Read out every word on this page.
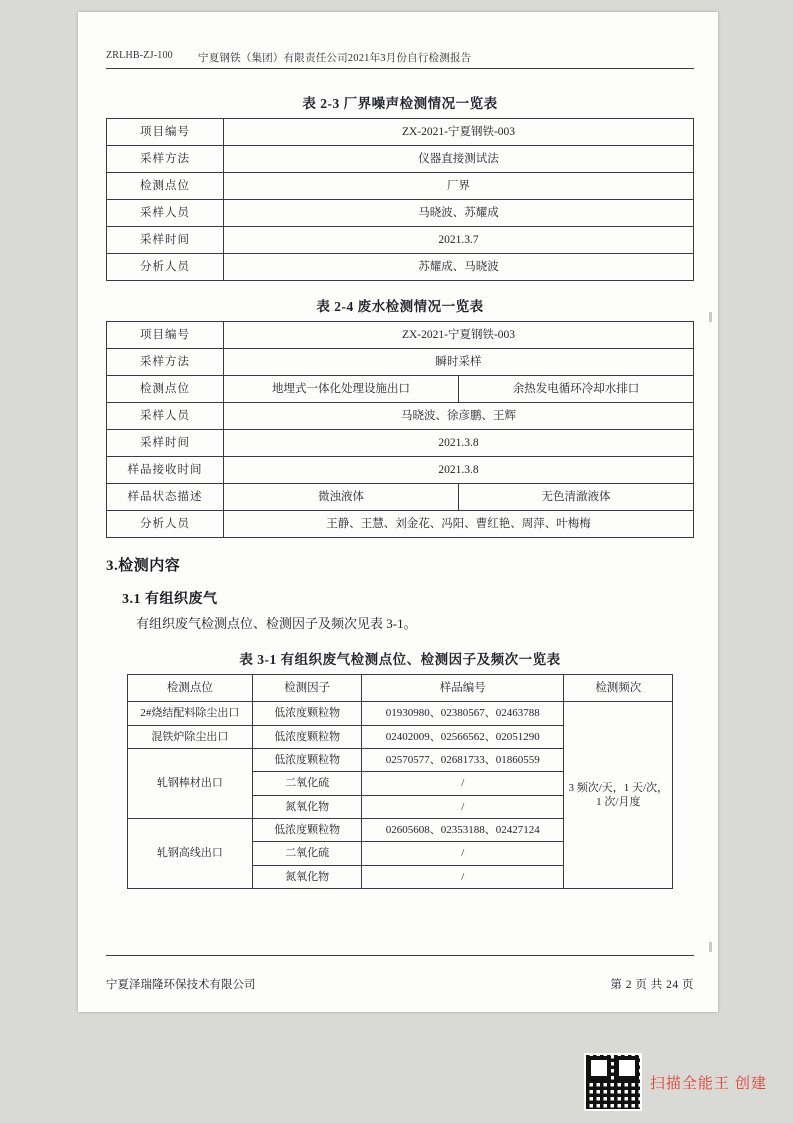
ZRLHB-ZJ-100 宁夏钢铁（集团）有限责任公司2021年3月份自行检测报告
表 2-3 厂界噪声检测情况一览表
项目编号	ZX-2021-宁夏钢铁-003
采样方法	仪器直接测试法
检测点位	厂界
采样人员	马晓波、苏耀成
采样时间	2021.3.7
分析人员	苏耀成、马晓波
表 2-4 废水检测情况一览表
项目编号	ZX-2021-宁夏钢铁-003	
采样方法	瞬时采样	
检测点位	地埋式一体化处理设施出口	余热发电循环冷却水排口
采样人员	马晓波、徐彦鹏、王辉	
采样时间	2021.3.8	
样品接收时间	2021.3.8	
样品状态描述	微浊液体	无色清澈液体
分析人员	王静、王慧、刘金花、冯阳、曹红艳、周萍、叶梅梅	
3.检测内容
3.1 有组织废气
有组织废气检测点位、检测因子及频次见表 3-1。
表 3-1 有组织废气检测点位、检测因子及频次一览表
检测点位	检测因子	样品编号	检测频次
2#烧结配料除尘出口	低浓度颗粒物	01930980、02380567、02463788	3 频次/天，1 天/次，1 次/月度
混铁炉除尘出口	低浓度颗粒物	02402009、02566562、02051290	
轧钢棒材出口	低浓度颗粒物	02570577、02681733、01860559	
	二氧化硫	/	
	氮氧化物	/	
轧钢高线出口	低浓度颗粒物	02605608、02353188、02427124	
	二氧化硫	/	
	氮氧化物	/	
宁夏泽瑞隆环保技术有限公司	第 2 页 共 24 页
扫描全能王 创建
